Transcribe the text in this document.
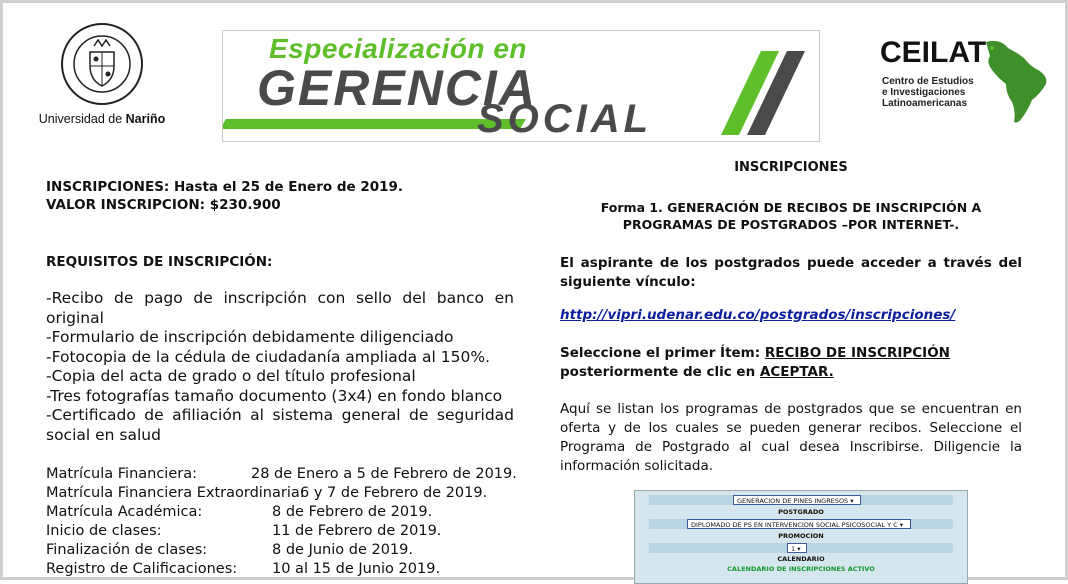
Universidad de Nariño
Especialización en
GERENCIA
SOCIAL
CEILAT
Centro de Estudios
e Investigaciones
Latinoamericanas
INSCRIPCIONES: Hasta el 25 de Enero de 2019.
VALOR INSCRIPCION: $230.900
REQUISITOS DE INSCRIPCIÓN:
-Recibo de pago de inscripción con sello del banco en original
-Formulario de inscripción debidamente diligenciado
-Fotocopia de la cédula de ciudadanía ampliada al 150%.
-Copia del acta de grado o del título profesional
-Tres fotografías tamaño documento (3x4) en fondo blanco
-Certificado de afiliación al sistema general de seguridad social en salud
Matrícula Financiera:	28 de Enero a 5 de Febrero de 2019.
Matrícula Financiera Extraordinaria:
6 y 7 de Febrero de 2019.
Matrícula Académica:	8 de Febrero de 2019.
Inicio de clases:	11 de Febrero de 2019.
Finalización de clases:	8 de Junio de 2019.
Registro de Calificaciones: 10 al 15 de Junio 2019.
INSCRIPCIONES
Forma 1. GENERACIÓN DE RECIBOS DE INSCRIPCIÓN A
PROGRAMAS DE POSTGRADOS –POR INTERNET-.
El aspirante de los postgrados puede acceder a través del siguiente vínculo:
http://vipri.udenar.edu.co/postgrados/inscripciones/
Seleccione el primer Ítem: RECIBO DE INSCRIPCIÓN posteriormente de clic en ACEPTAR.
Aquí se listan los programas de postgrados que se encuentran en oferta y de los cuales se pueden generar recibos. Seleccione el Programa de Postgrado al cual desea Inscribirse. Diligencie la información solicitada.
GENERACION DE PINES INGRESOS ▾
POSTGRADO
DIPLOMADO DE PS EN INTERVENCION SOCIAL PSICOSOCIAL Y C ▾
PROMOCION
1 ▾
CALENDARIO
CALENDARIO DE INSCRIPCIONES ACTIVO
